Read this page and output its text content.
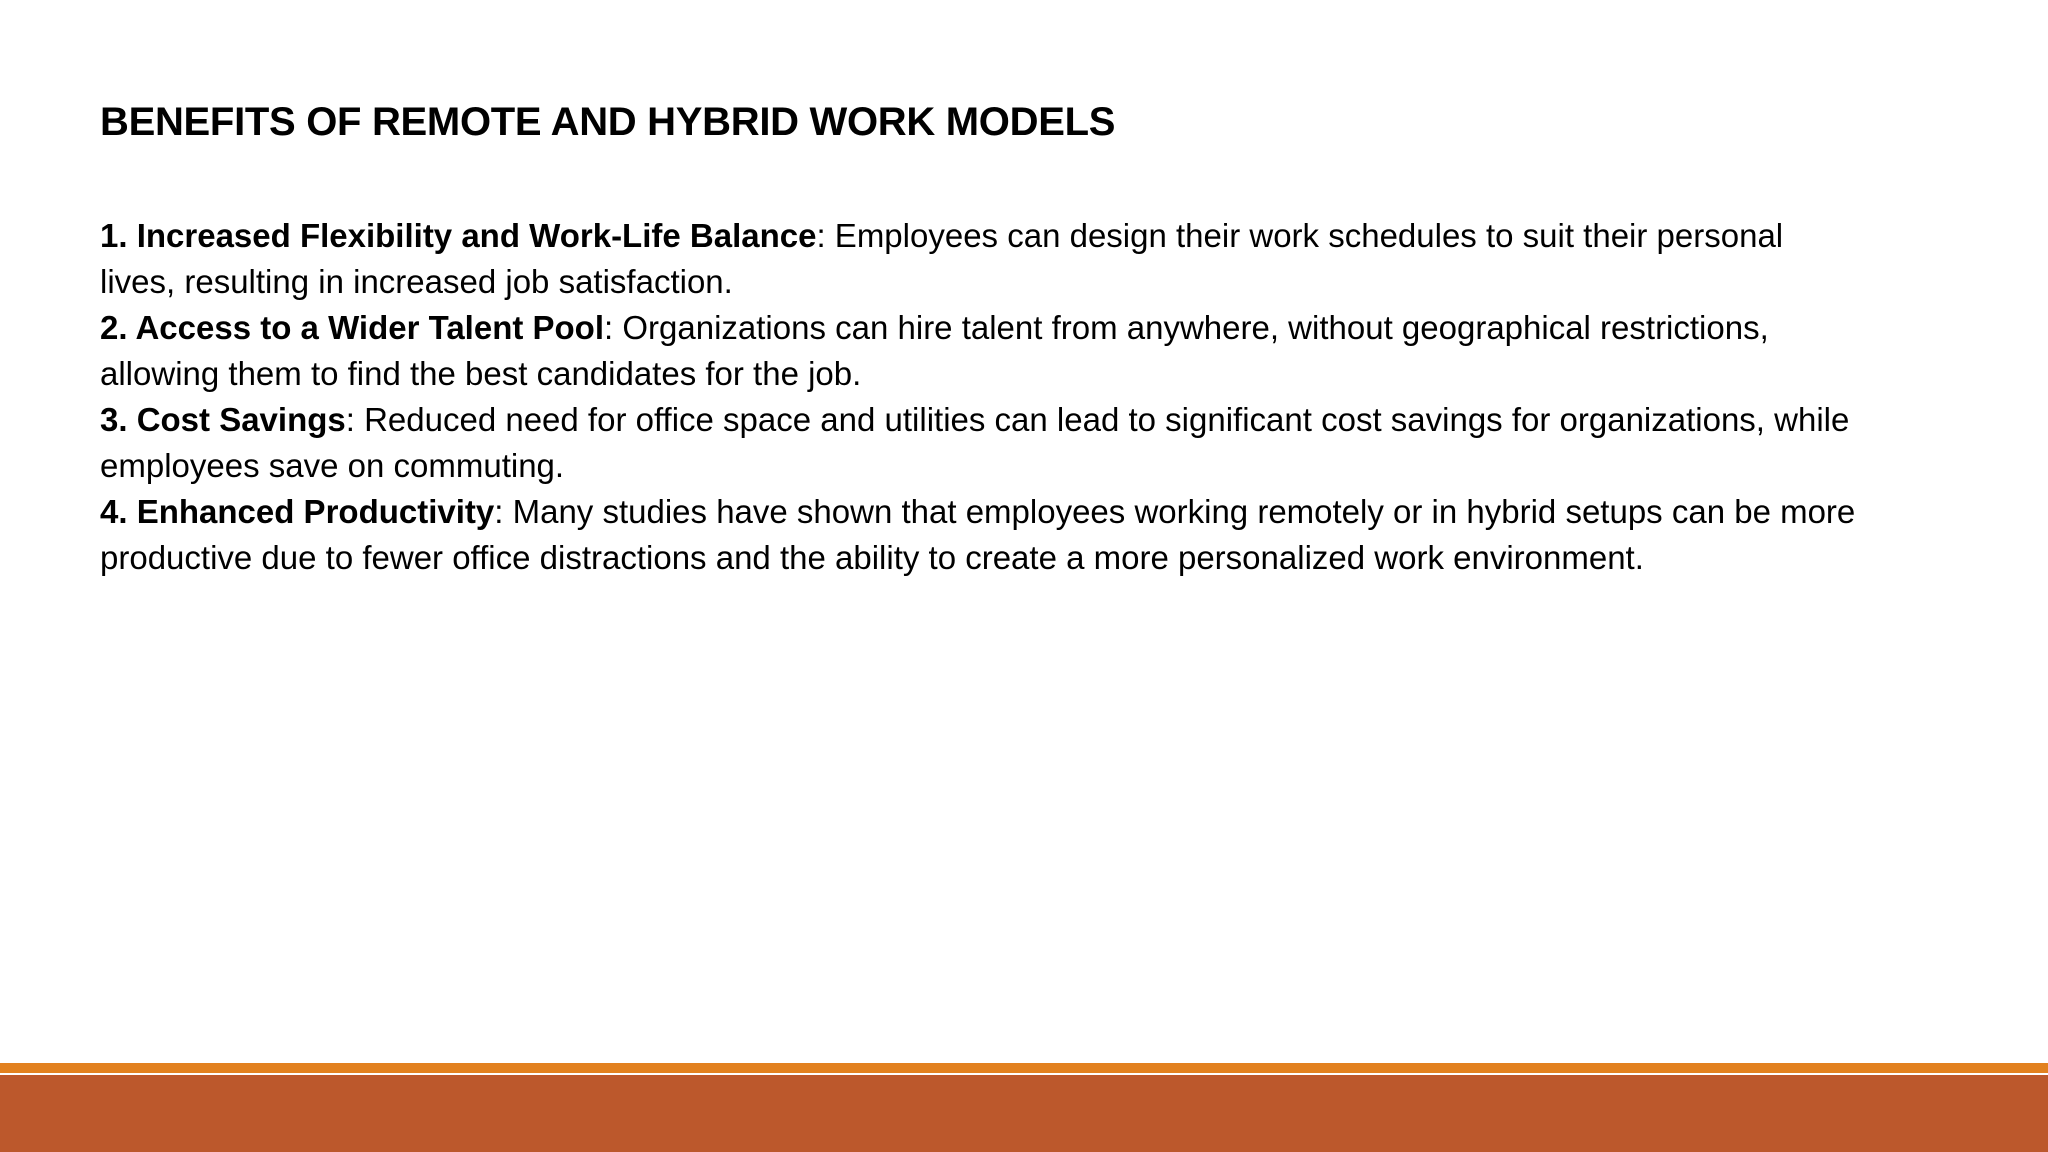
BENEFITS OF REMOTE AND HYBRID WORK MODELS
1. Increased Flexibility and Work-Life Balance: Employees can design their work schedules to suit their personal lives, resulting in increased job satisfaction.
2. Access to a Wider Talent Pool: Organizations can hire talent from anywhere, without geographical restrictions, allowing them to find the best candidates for the job.
3. Cost Savings: Reduced need for office space and utilities can lead to significant cost savings for organizations, while employees save on commuting.
4. Enhanced Productivity: Many studies have shown that employees working remotely or in hybrid setups can be more productive due to fewer office distractions and the ability to create a more personalized work environment.
